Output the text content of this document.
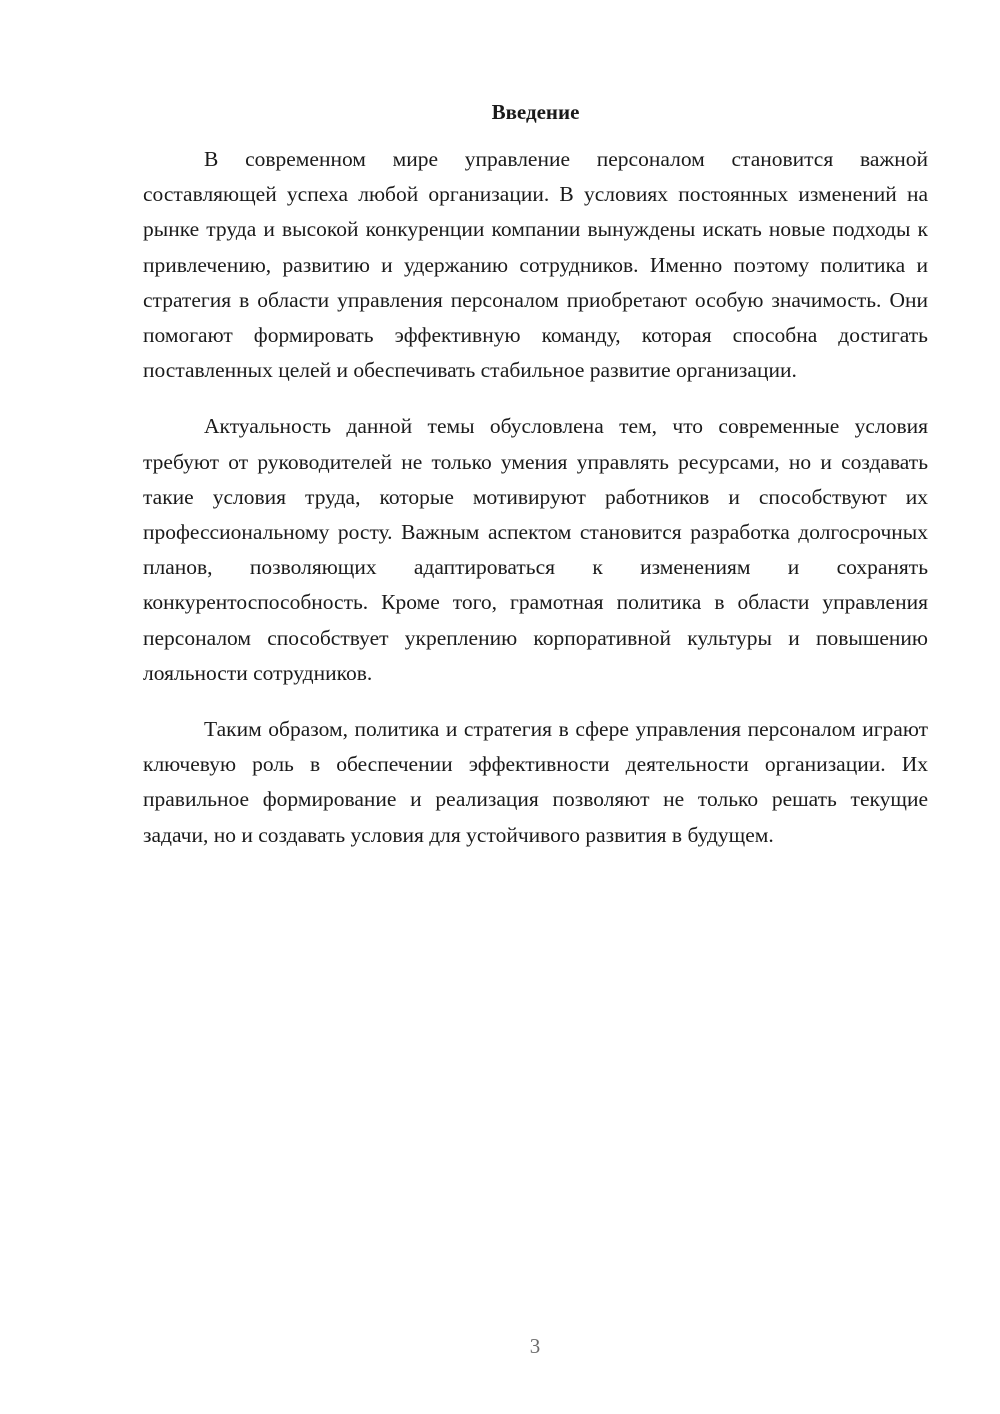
Введение

В современном мире управление персоналом становится важной составляющей успеха любой организации. В условиях постоянных изменений на рынке труда и высокой конкуренции компании вынуждены искать новые подходы к привлечению, развитию и удержанию сотрудников. Именно поэтому политика и стратегия в области управления персоналом приобретают особую значимость. Они помогают формировать эффективную команду, которая способна достигать поставленных целей и обеспечивать стабильное развитие организации.

Актуальность данной темы обусловлена тем, что современные условия требуют от руководителей не только умения управлять ресурсами, но и создавать такие условия труда, которые мотивируют работников и способствуют их профессиональному росту. Важным аспектом становится разработка долгосрочных планов, позволяющих адаптироваться к изменениям и сохранять конкурентоспособность. Кроме того, грамотная политика в области управления персоналом способствует укреплению корпоративной культуры и повышению лояльности сотрудников.

Таким образом, политика и стратегия в сфере управления персоналом играют ключевую роль в обеспечении эффективности деятельности организации. Их правильное формирование и реализация позволяют не только решать текущие задачи, но и создавать условия для устойчивого развития в будущем.

3
